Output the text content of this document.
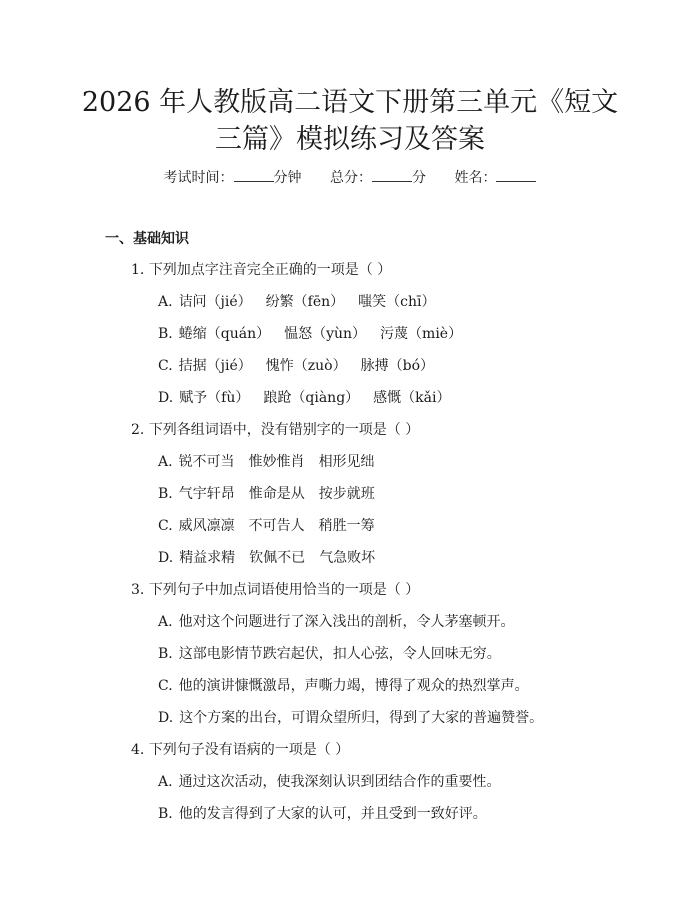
2026 年人教版高二语文下册第三单元《短文
三篇》模拟练习及答案
考试时间：	分钟 总分：	分 姓名：
一、基础知识
1. 下列加点字注音完全正确的一项是（ ）
A. 诘问（jié） 纷繁（fēn） 嗤笑（chī）
B. 蜷缩（quán） 愠怒（yùn） 污蔑（miè）
C. 拮据（jié） 愧怍（zuò） 脉搏（bó）
D. 赋予（fù） 踉跄（qiàng） 感慨（kǎi）
2. 下列各组词语中，没有错别字的一项是（ ）
A. 锐不可当 惟妙惟肖 相形见绌
B. 气宇轩昂 惟命是从 按步就班
C. 威风凛凛 不可告人 稍胜一筹
D. 精益求精 钦佩不已 气急败坏
3. 下列句子中加点词语使用恰当的一项是（ ）
A. 他对这个问题进行了深入浅出的剖析，令人茅塞顿开。
B. 这部电影情节跌宕起伏，扣人心弦，令人回味无穷。
C. 他的演讲慷慨激昂，声嘶力竭，博得了观众的热烈掌声。
D. 这个方案的出台，可谓众望所归，得到了大家的普遍赞誉。
4. 下列句子没有语病的一项是（ ）
A. 通过这次活动，使我深刻认识到团结合作的重要性。
B. 他的发言得到了大家的认可，并且受到一致好评。
